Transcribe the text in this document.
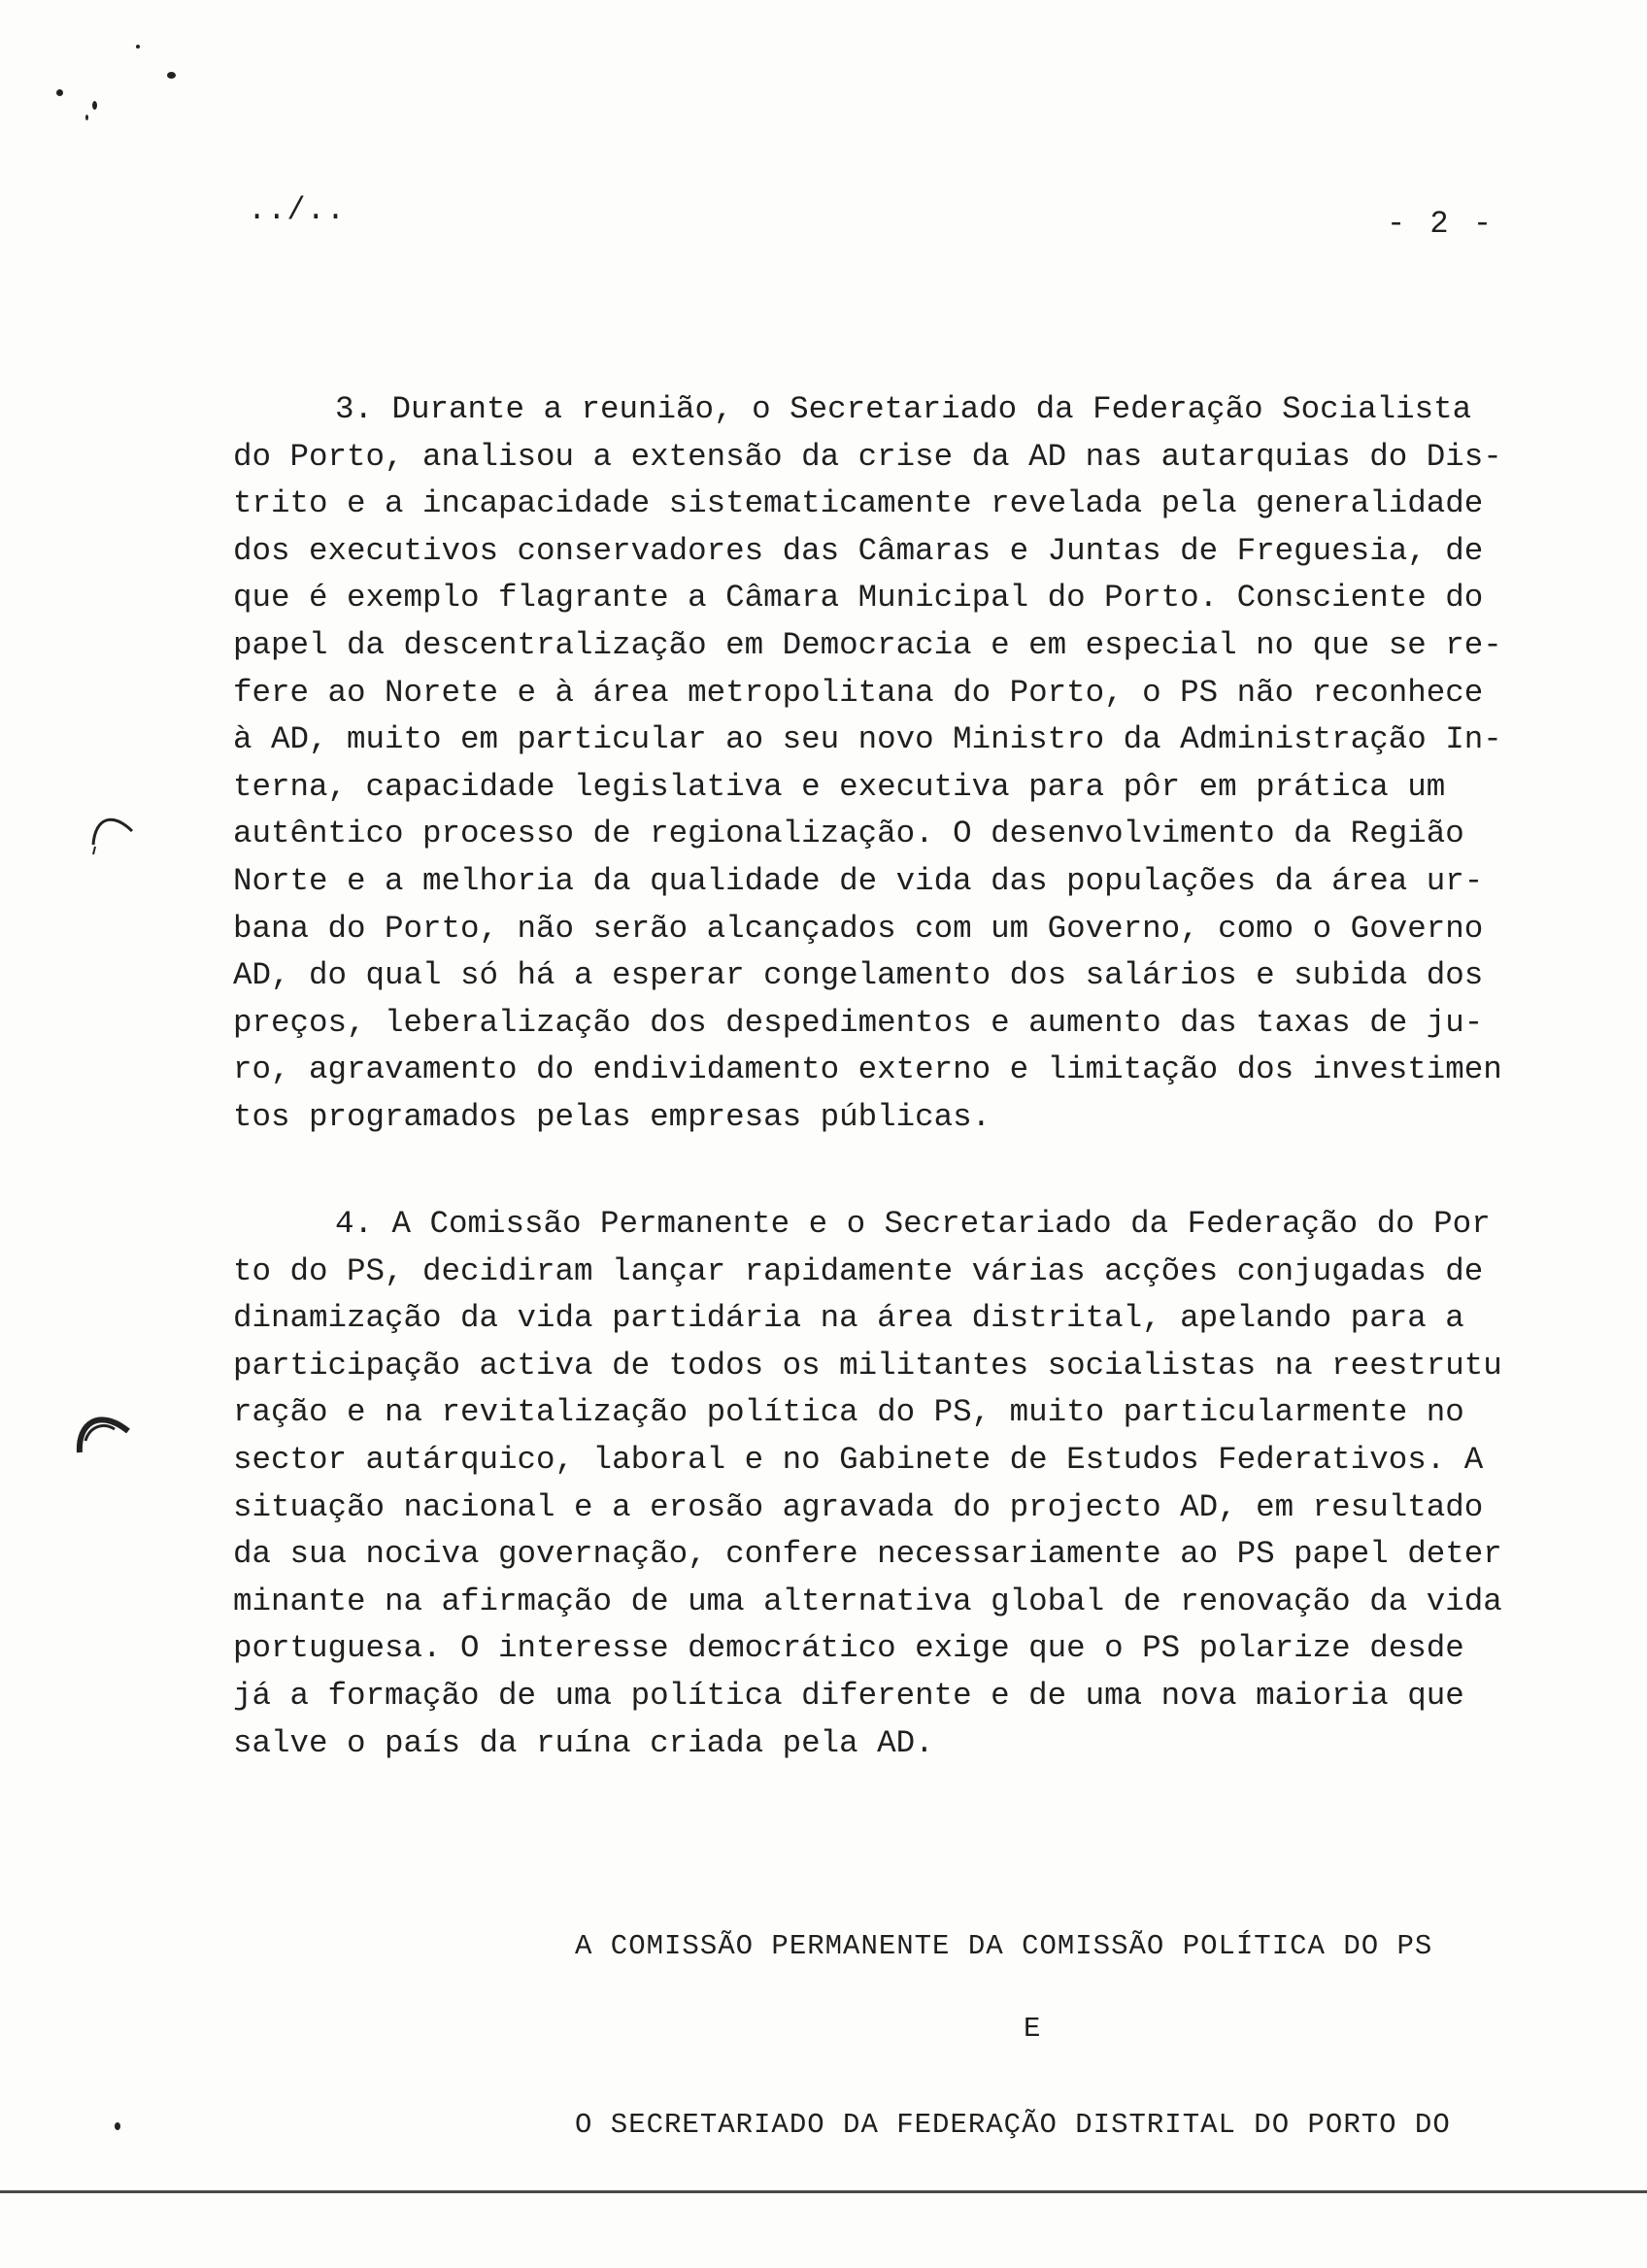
../..	- 2 -
3. Durante a reunião, o Secretariado da Federação Socialista
do Porto, analisou a extensão da crise da AD nas autarquias do Dis-
trito e a incapacidade sistematicamente revelada pela generalidade
dos executivos conservadores das Câmaras e Juntas de Freguesia, de
que é exemplo flagrante a Câmara Municipal do Porto. Consciente do
papel da descentralização em Democracia e em especial no que se re-
fere ao Norete e à área metropolitana do Porto, o PS não reconhece
à AD, muito em particular ao seu novo Ministro da Administração In-
terna, capacidade legislativa e executiva para pôr em prática um
autêntico processo de regionalização. O desenvolvimento da Região
Norte e a melhoria da qualidade de vida das populações da área ur-
bana do Porto, não serão alcançados com um Governo, como o Governo
AD, do qual só há a esperar congelamento dos salários e subida dos
preços, leberalização dos despedimentos e aumento das taxas de ju-
ro, agravamento do endividamento externo e limitação dos investimen
tos programados pelas empresas públicas.
4. A Comissão Permanente e o Secretariado da Federação do Por
to do PS, decidiram lançar rapidamente várias acções conjugadas de
dinamização da vida partidária na área distrital, apelando para a
participação activa de todos os militantes socialistas na reestrutu
ração e na revitalização política do PS, muito particularmente no
sector autárquico, laboral e no Gabinete de Estudos Federativos. A
situação nacional e a erosão agravada do projecto AD, em resultado
da sua nociva governação, confere necessariamente ao PS papel deter
minante na afirmação de uma alternativa global de renovação da vida
portuguesa. O interesse democrático exige que o PS polarize desde
já a formação de uma política diferente e de uma nova maioria que
salve o país da ruína criada pela AD.
A COMISSÃO PERMANENTE DA COMISSÃO POLÍTICA DO PS
E
O SECRETARIADO DA FEDERAÇÃO DISTRITAL DO PORTO DO
